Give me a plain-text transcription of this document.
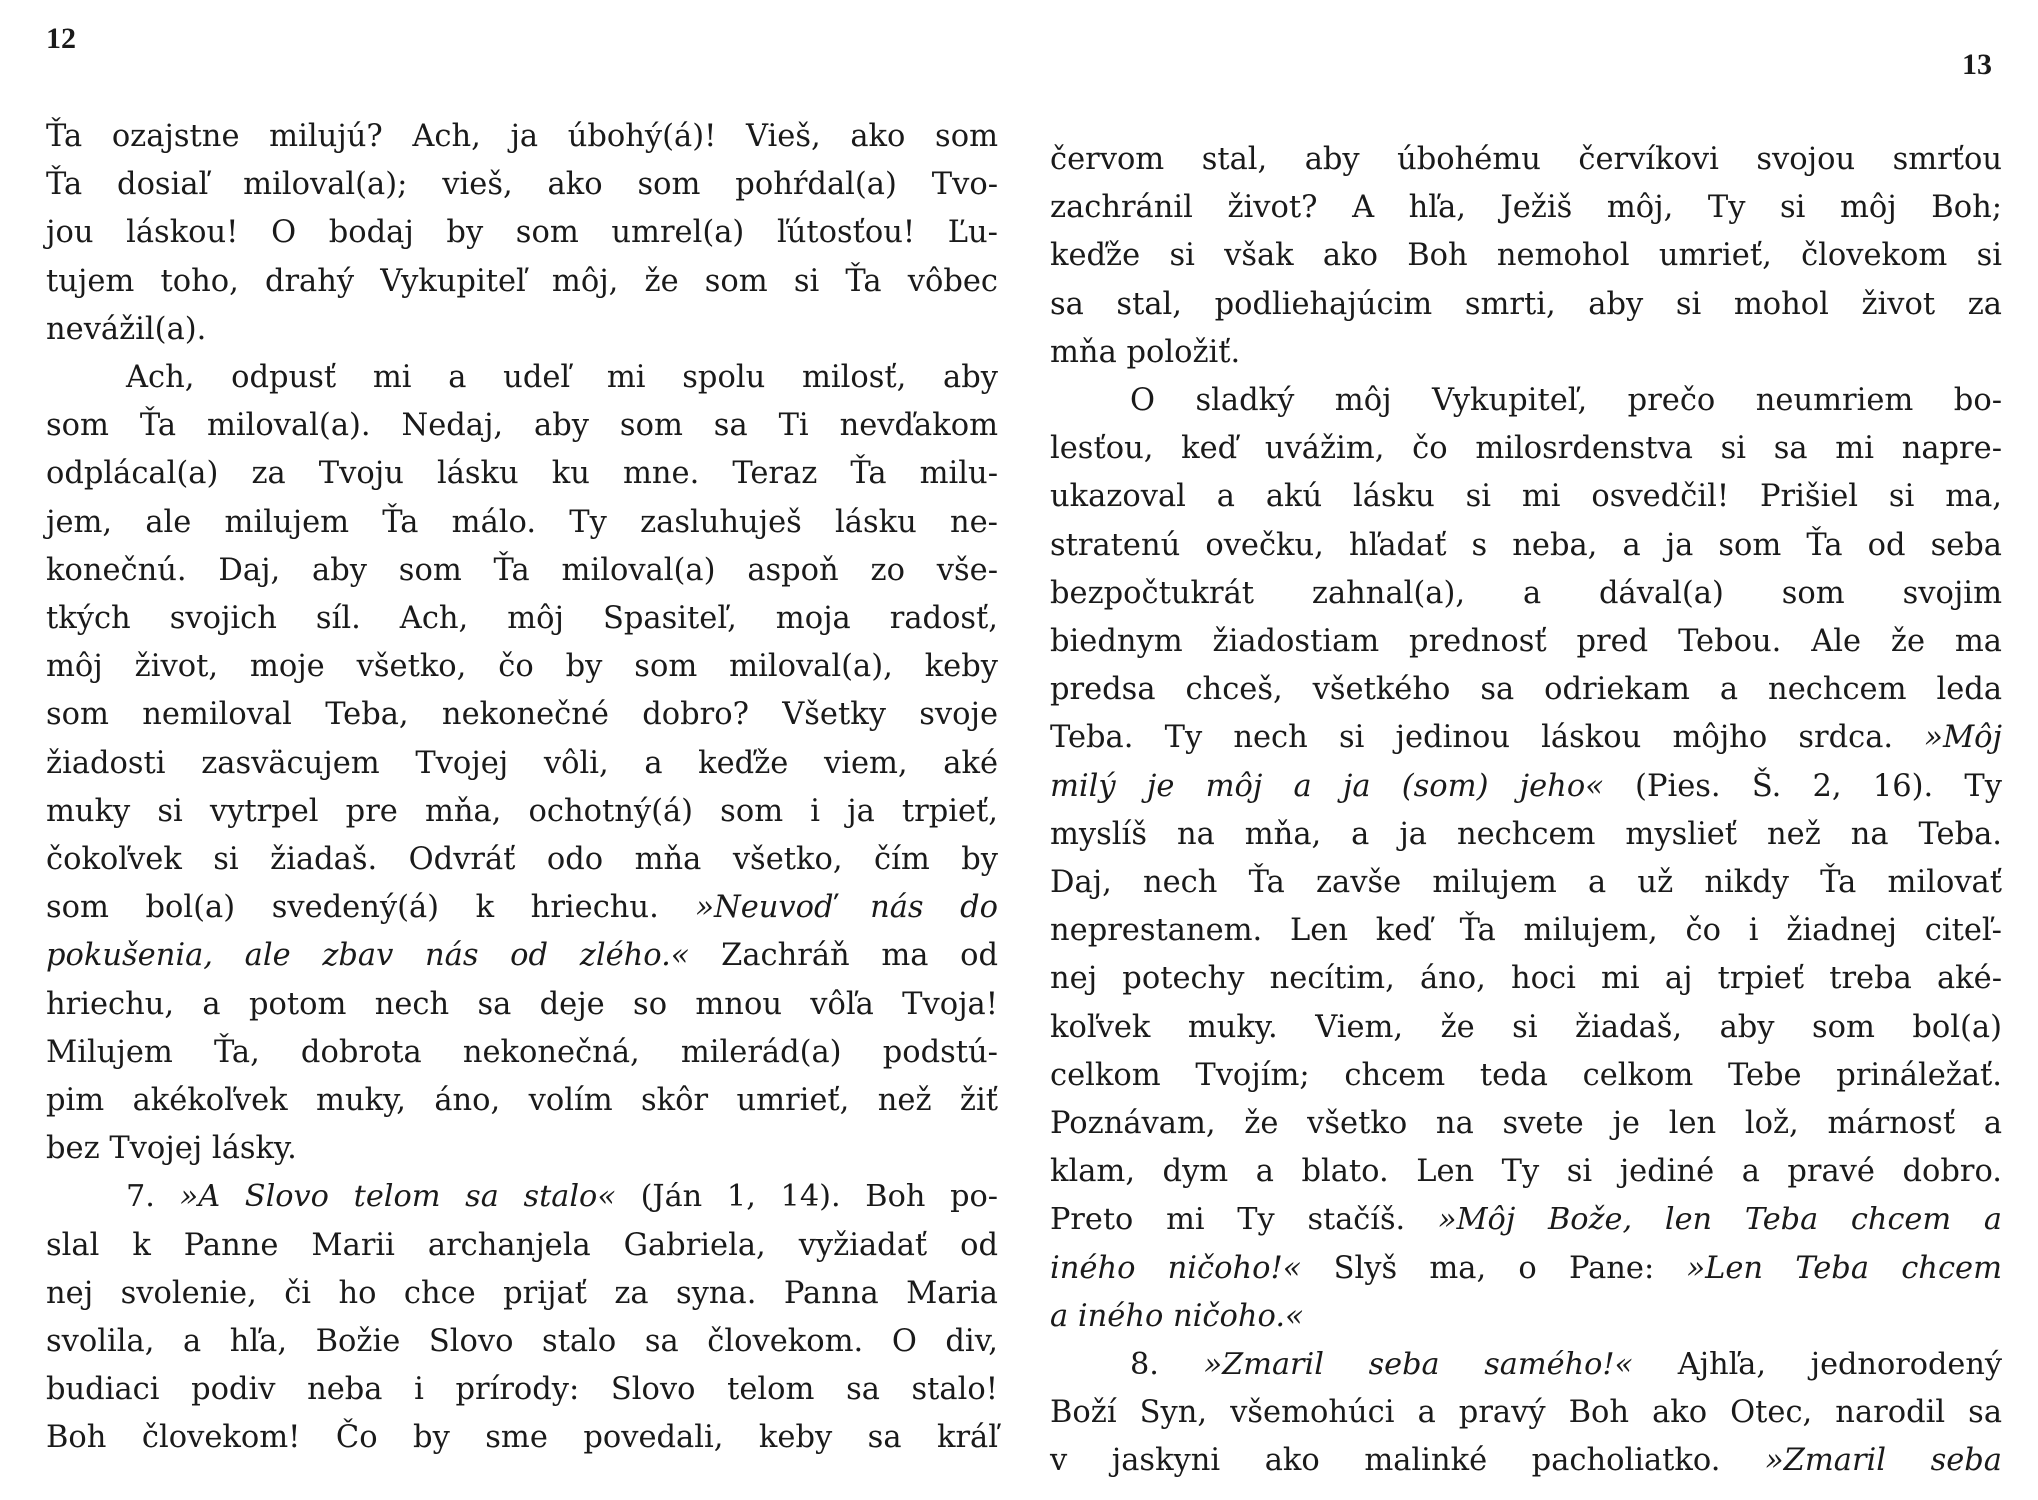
12
13
Ťa ozajstne milujú? Ach, ja úbohý(á)! Vieš, ako som
Ťa dosiaľ miloval(a); vieš, ako som pohŕdal(a) Tvo-
jou láskou! O bodaj by som umrel(a) ľútosťou! Ľu-
tujem toho, drahý Vykupiteľ môj, že som si Ťa vôbec
nevážil(a).
Ach, odpusť mi a udeľ mi spolu milosť, aby
som Ťa miloval(a). Nedaj, aby som sa Ti nevďakom
odplácal(a) za Tvoju lásku ku mne. Teraz Ťa milu-
jem, ale milujem Ťa málo. Ty zasluhuješ lásku ne-
konečnú. Daj, aby som Ťa miloval(a) aspoň zo vše-
tkých svojich síl. Ach, môj Spasiteľ, moja radosť,
môj život, moje všetko, čo by som miloval(a), keby
som nemiloval Teba, nekonečné dobro? Všetky svoje
žiadosti zasväcujem Tvojej vôli, a keďže viem, aké
muky si vytrpel pre mňa, ochotný(á) som i ja trpieť,
čokoľvek si žiadaš. Odvráť odo mňa všetko, čím by
som bol(a) svedený(á) k hriechu. »Neuvoď nás do
pokušenia, ale zbav nás od zlého.« Zachráň ma od
hriechu, a potom nech sa deje so mnou vôľa Tvoja!
Milujem Ťa, dobrota nekonečná, milerád(a) podstú-
pim akékoľvek muky, áno, volím skôr umrieť, než žiť
bez Tvojej lásky.
7. »A Slovo telom sa stalo« (Ján 1, 14). Boh po-
slal k Panne Marii archanjela Gabriela, vyžiadať od
nej svolenie, či ho chce prijať za syna. Panna Maria
svolila, a hľa, Božie Slovo stalo sa človekom. O div,
budiaci podiv neba i prírody: Slovo telom sa stalo!
Boh človekom! Čo by sme povedali, keby sa kráľ
červom stal, aby úbohému červíkovi svojou smrťou
zachránil život? A hľa, Ježiš môj, Ty si môj Boh;
keďže si však ako Boh nemohol umrieť, človekom si
sa stal, podliehajúcim smrti, aby si mohol život za
mňa položiť.
O sladký môj Vykupiteľ, prečo neumriem bo-
lesťou, keď uvážim, čo milosrdenstva si sa mi napre-
ukazoval a akú lásku si mi osvedčil! Prišiel si ma,
stratenú ovečku, hľadať s neba, a ja som Ťa od seba
bezpočtukrát zahnal(a), a dával(a) som svojim
biednym žiadostiam prednosť pred Tebou. Ale že ma
predsa chceš, všetkého sa odriekam a nechcem leda
Teba. Ty nech si jedinou láskou môjho srdca. »Môj
milý je môj a ja (som) jeho« (Pies. Š. 2, 16). Ty
myslíš na mňa, a ja nechcem myslieť než na Teba.
Daj, nech Ťa zavše milujem a už nikdy Ťa milovať
neprestanem. Len keď Ťa milujem, čo i žiadnej citeľ-
nej potechy necítim, áno, hoci mi aj trpieť treba aké-
koľvek muky. Viem, že si žiadaš, aby som bol(a)
celkom Tvojím; chcem teda celkom Tebe prináležať.
Poznávam, že všetko na svete je len lož, márnosť a
klam, dym a blato. Len Ty si jediné a pravé dobro.
Preto mi Ty stačíš. »Môj Bože, len Teba chcem a
iného ničoho!« Slyš ma, o Pane: »Len Teba chcem
a iného ničoho.«
8. »Zmaril seba samého!« Ajhľa, jednorodený
Boží Syn, všemohúci a pravý Boh ako Otec, narodil sa
v jaskyni ako malinké pacholiatko. »Zmaril seba
